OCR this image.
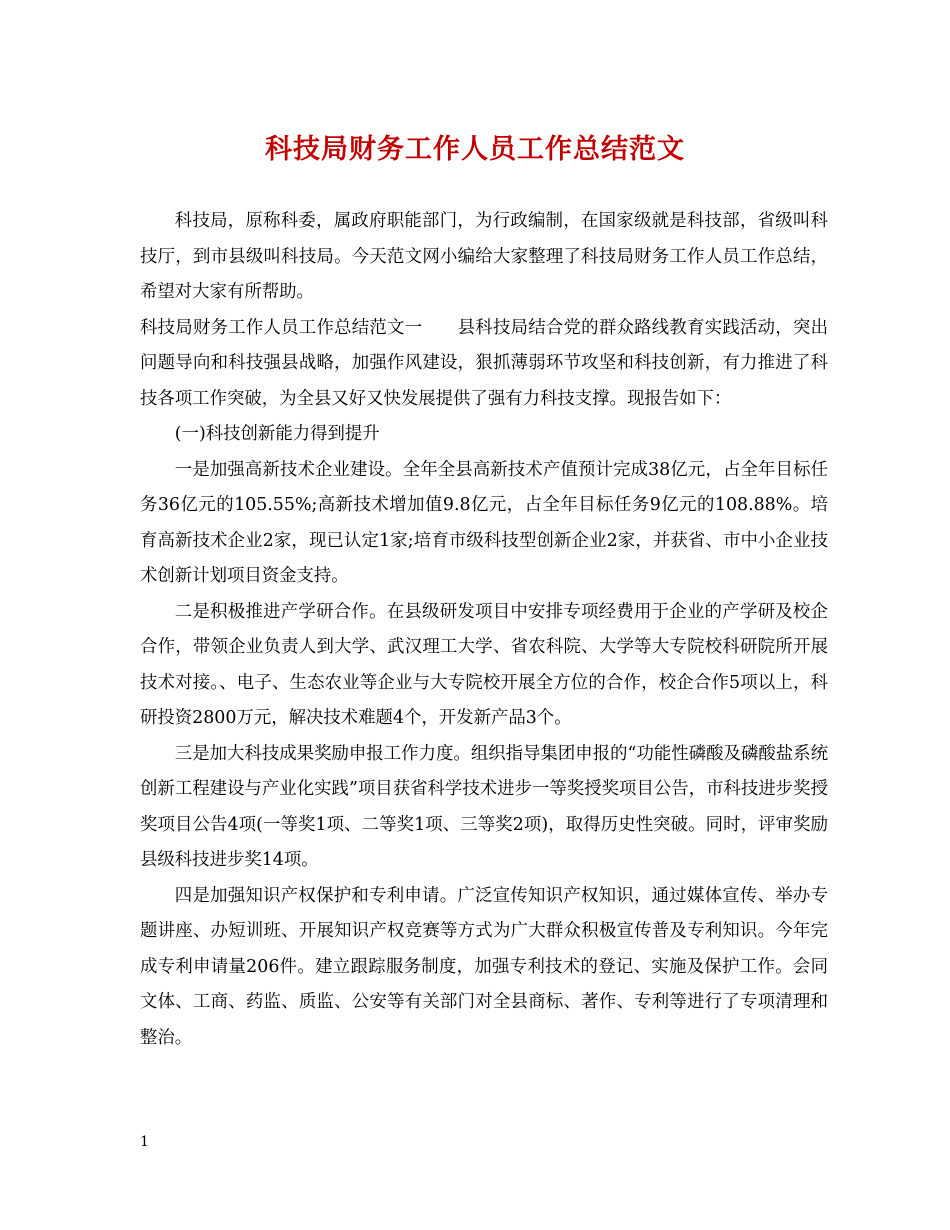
科技局财务工作人员工作总结范文

科技局，原称科委，属政府职能部门，为行政编制，在国家级就是科技部，省级叫科技厅，到市县级叫科技局。今天范文网小编给大家整理了科技局财务工作人员工作总结，希望对大家有所帮助。

科技局财务工作人员工作总结范文一　　县科技局结合党的群众路线教育实践活动，突出问题导向和科技强县战略，加强作风建设，狠抓薄弱环节攻坚和科技创新，有力推进了科技各项工作突破，为全县又好又快发展提供了强有力科技支撑。现报告如下：

(一)科技创新能力得到提升

一是加强高新技术企业建设。全年全县高新技术产值预计完成38亿元，占全年目标任务36亿元的105.55%;高新技术增加值9.8亿元，占全年目标任务9亿元的108.88%。培育高新技术企业2家，现已认定1家;培育市级科技型创新企业2家，并获省、市中小企业技术创新计划项目资金支持。

二是积极推进产学研合作。在县级研发项目中安排专项经费用于企业的产学研及校企合作，带领企业负责人到大学、武汉理工大学、省农科院、大学等大专院校科研院所开展技术对接。、电子、生态农业等企业与大专院校开展全方位的合作，校企合作5项以上，科研投资2800万元，解决技术难题4个，开发新产品3个。

三是加大科技成果奖励申报工作力度。组织指导集团申报的“功能性磷酸及磷酸盐系统创新工程建设与产业化实践”项目获省科学技术进步一等奖授奖项目公告，市科技进步奖授奖项目公告4项(一等奖1项、二等奖1项、三等奖2项)，取得历史性突破。同时，评审奖励县级科技进步奖14项。

四是加强知识产权保护和专利申请。广泛宣传知识产权知识，通过媒体宣传、举办专题讲座、办短训班、开展知识产权竞赛等方式为广大群众积极宣传普及专利知识。今年完成专利申请量206件。建立跟踪服务制度，加强专利技术的登记、实施及保护工作。会同文体、工商、药监、质监、公安等有关部门对全县商标、著作、专利等进行了专项清理和整治。

1
